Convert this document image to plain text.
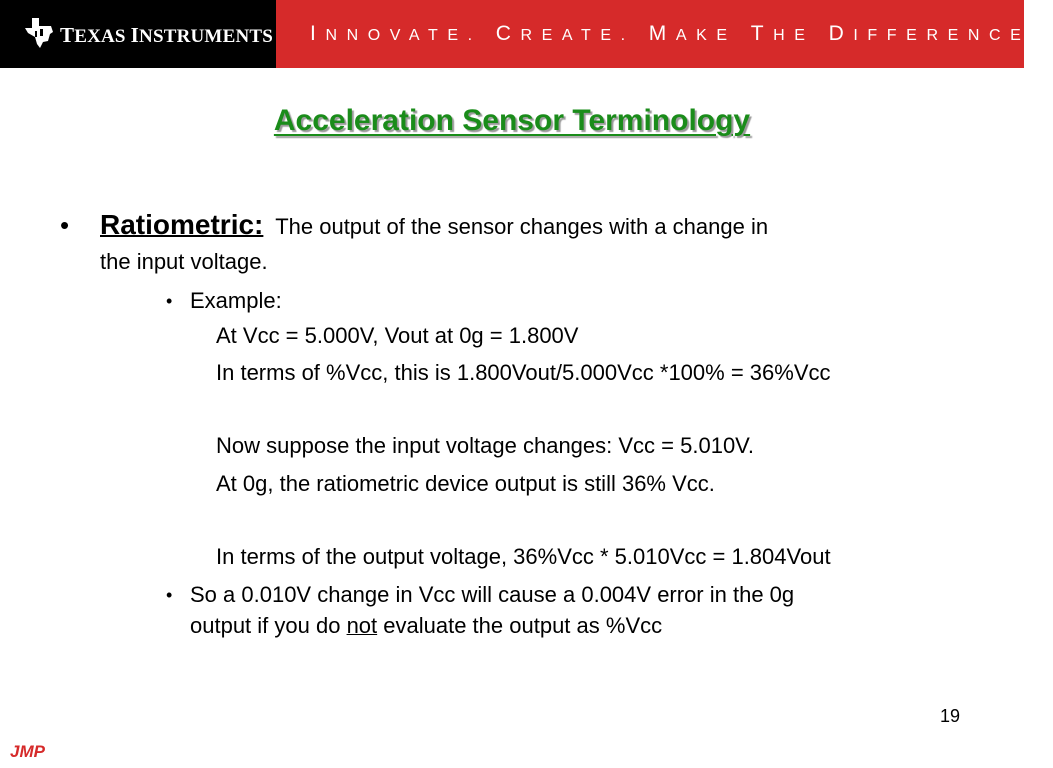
TEXAS INSTRUMENTS INNOVATE. CREATE. MAKE THE DIFFERENCE.™
Acceleration Sensor Terminology
• Ratiometric: The output of the sensor changes with a change in
the input voltage.
• Example:
At Vcc = 5.000V, Vout at 0g = 1.800V
In terms of %Vcc, this is 1.800Vout/5.000Vcc *100% = 36%Vcc
Now suppose the input voltage changes: Vcc = 5.010V.
At 0g, the ratiometric device output is still 36% Vcc.
In terms of the output voltage, 36%Vcc * 5.010Vcc = 1.804Vout
• So a 0.010V change in Vcc will cause a 0.004V error in the 0g
output if you do not evaluate the output as %Vcc
19
JMP
